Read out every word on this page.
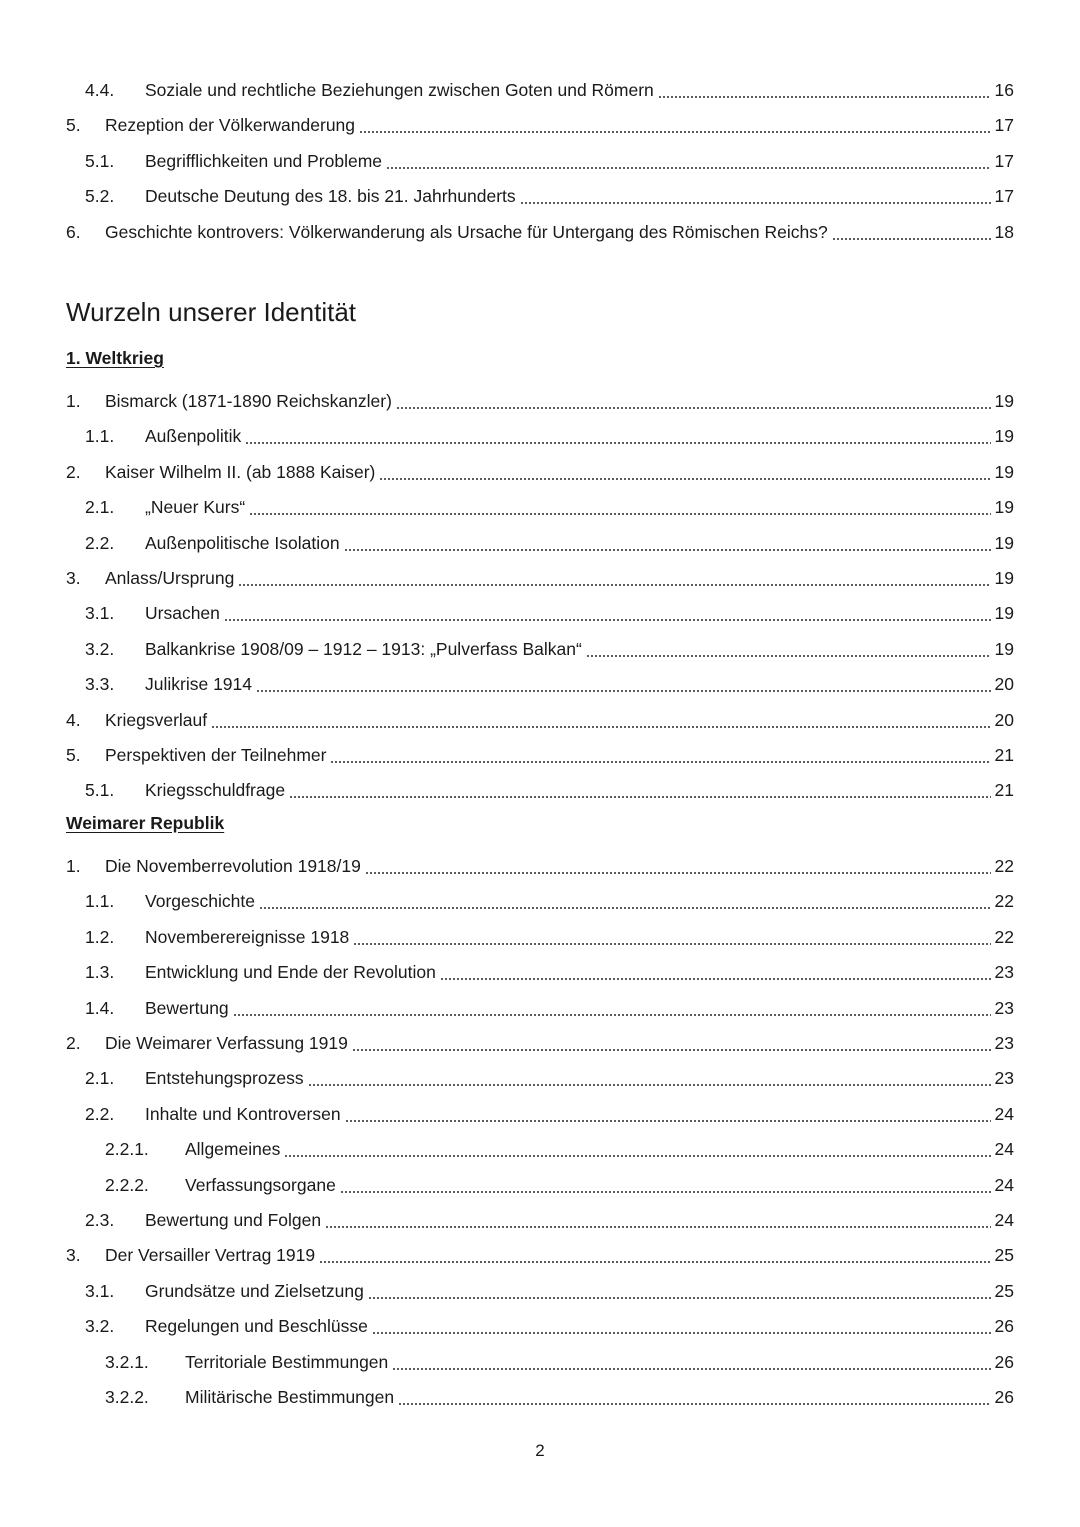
4.4. Soziale und rechtliche Beziehungen zwischen Goten und Römern	16
5. Rezeption der Völkerwanderung	17
5.1. Begrifflichkeiten und Probleme	17
5.2. Deutsche Deutung des 18. bis 21. Jahrhunderts	17
6. Geschichte kontrovers: Völkerwanderung als Ursache für Untergang des Römischen Reichs?	18
Wurzeln unserer Identität
1. Weltkrieg
1. Bismarck (1871-1890 Reichskanzler)	19
1.1. Außenpolitik	19
2. Kaiser Wilhelm II. (ab 1888 Kaiser)	19
2.1. „Neuer Kurs“	19
2.2. Außenpolitische Isolation	19
3. Anlass/Ursprung	19
3.1. Ursachen	19
3.2. Balkankrise 1908/09 – 1912 – 1913: „Pulverfass Balkan“	19
3.3. Julikrise 1914	20
4. Kriegsverlauf	20
5. Perspektiven der Teilnehmer	21
5.1. Kriegsschuldfrage	21
Weimarer Republik
1. Die Novemberrevolution 1918/19	22
1.1. Vorgeschichte	22
1.2. Novemberereignisse 1918	22
1.3. Entwicklung und Ende der Revolution	23
1.4. Bewertung	23
2. Die Weimarer Verfassung 1919	23
2.1. Entstehungsprozess	23
2.2. Inhalte und Kontroversen	24
2.2.1. Allgemeines	24
2.2.2. Verfassungsorgane	24
2.3. Bewertung und Folgen	24
3. Der Versailler Vertrag 1919	25
3.1. Grundsätze und Zielsetzung	25
3.2. Regelungen und Beschlüsse	26
3.2.1. Territoriale Bestimmungen	26
3.2.2. Militärische Bestimmungen	26
2
